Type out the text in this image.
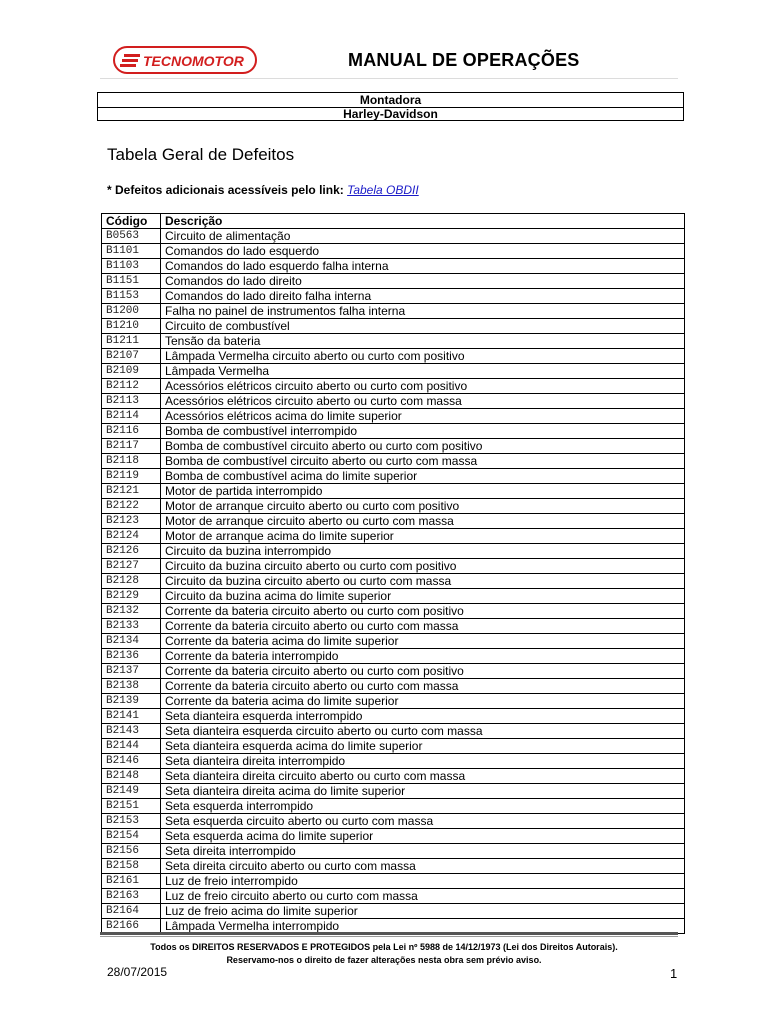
TECNOMOTOR	MANUAL DE OPERAÇÕES
Montadora
Harley-Davidson
Tabela Geral de Defeitos
* Defeitos adicionais acessíveis pelo link: Tabela OBDII
Código	Descrição
B0563	Circuito de alimentação
B1101	Comandos do lado esquerdo
B1103	Comandos do lado esquerdo falha interna
B1151	Comandos do lado direito
B1153	Comandos do lado direito falha interna
B1200	Falha no painel de instrumentos falha interna
B1210	Circuito de combustível
B1211	Tensão da bateria
B2107	Lâmpada Vermelha circuito aberto ou curto com positivo
B2109	Lâmpada Vermelha
B2112	Acessórios elétricos circuito aberto ou curto com positivo
B2113	Acessórios elétricos circuito aberto ou curto com massa
B2114	Acessórios elétricos acima do limite superior
B2116	Bomba de combustível interrompido
B2117	Bomba de combustível circuito aberto ou curto com positivo
B2118	Bomba de combustível circuito aberto ou curto com massa
B2119	Bomba de combustível acima do limite superior
B2121	Motor de partida interrompido
B2122	Motor de arranque circuito aberto ou curto com positivo
B2123	Motor de arranque circuito aberto ou curto com massa
B2124	Motor de arranque acima do limite superior
B2126	Circuito da buzina interrompido
B2127	Circuito da buzina circuito aberto ou curto com positivo
B2128	Circuito da buzina circuito aberto ou curto com massa
B2129	Circuito da buzina acima do limite superior
B2132	Corrente da bateria circuito aberto ou curto com positivo
B2133	Corrente da bateria circuito aberto ou curto com massa
B2134	Corrente da bateria acima do limite superior
B2136	Corrente da bateria interrompido
B2137	Corrente da bateria circuito aberto ou curto com positivo
B2138	Corrente da bateria circuito aberto ou curto com massa
B2139	Corrente da bateria acima do limite superior
B2141	Seta dianteira esquerda interrompido
B2143	Seta dianteira esquerda circuito aberto ou curto com massa
B2144	Seta dianteira esquerda acima do limite superior
B2146	Seta dianteira direita interrompido
B2148	Seta dianteira direita circuito aberto ou curto com massa
B2149	Seta dianteira direita acima do limite superior
B2151	Seta esquerda interrompido
B2153	Seta esquerda circuito aberto ou curto com massa
B2154	Seta esquerda acima do limite superior
B2156	Seta direita interrompido
B2158	Seta direita circuito aberto ou curto com massa
B2161	Luz de freio interrompido
B2163	Luz de freio circuito aberto ou curto com massa
B2164	Luz de freio acima do limite superior
B2166	Lâmpada Vermelha interrompido
Todos os DIREITOS RESERVADOS E PROTEGIDOS pela Lei nº 5988 de 14/12/1973 (Lei dos Direitos Autorais).
Reservamo-nos o direito de fazer alterações nesta obra sem prévio aviso.
28/07/2015	1
